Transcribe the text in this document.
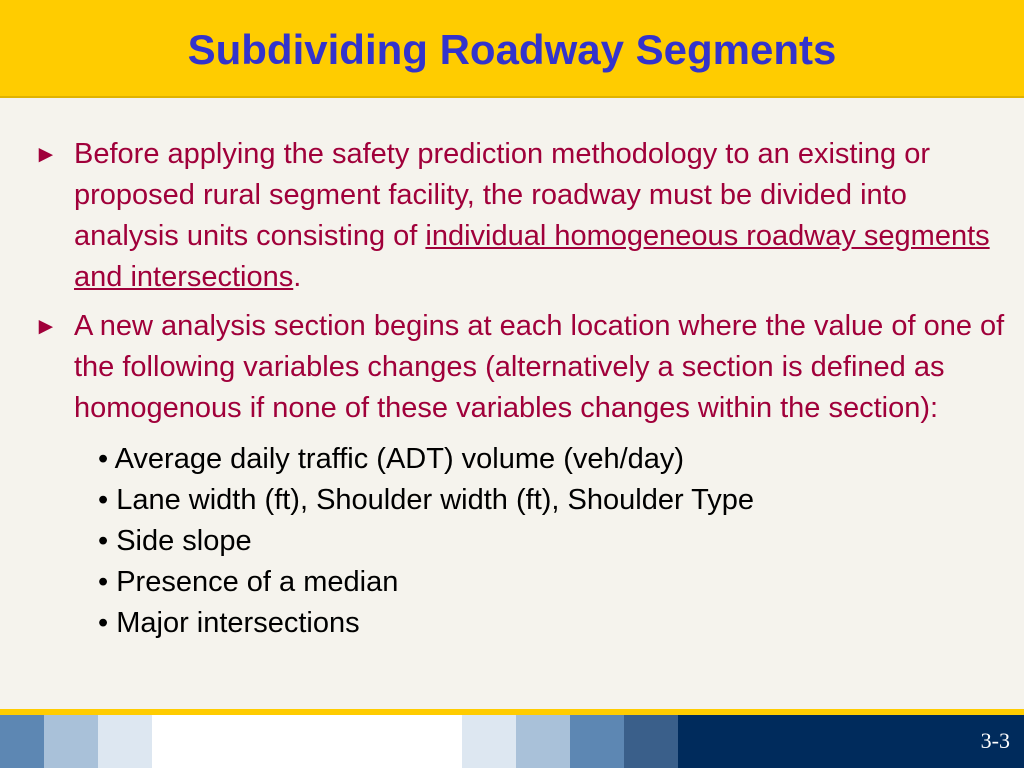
Subdividing Roadway Segments
► Before applying the safety prediction methodology to an existing or proposed rural segment facility, the roadway must be divided into analysis units consisting of individual homogeneous roadway segments and intersections.
► A new analysis section begins at each location where the value of one of the following variables changes (alternatively a section is defined as homogenous if none of these variables changes within the section):
• Average daily traffic (ADT) volume (veh/day)
• Lane width (ft), Shoulder width (ft), Shoulder Type
• Side slope
• Presence of a median
• Major intersections
3-3
